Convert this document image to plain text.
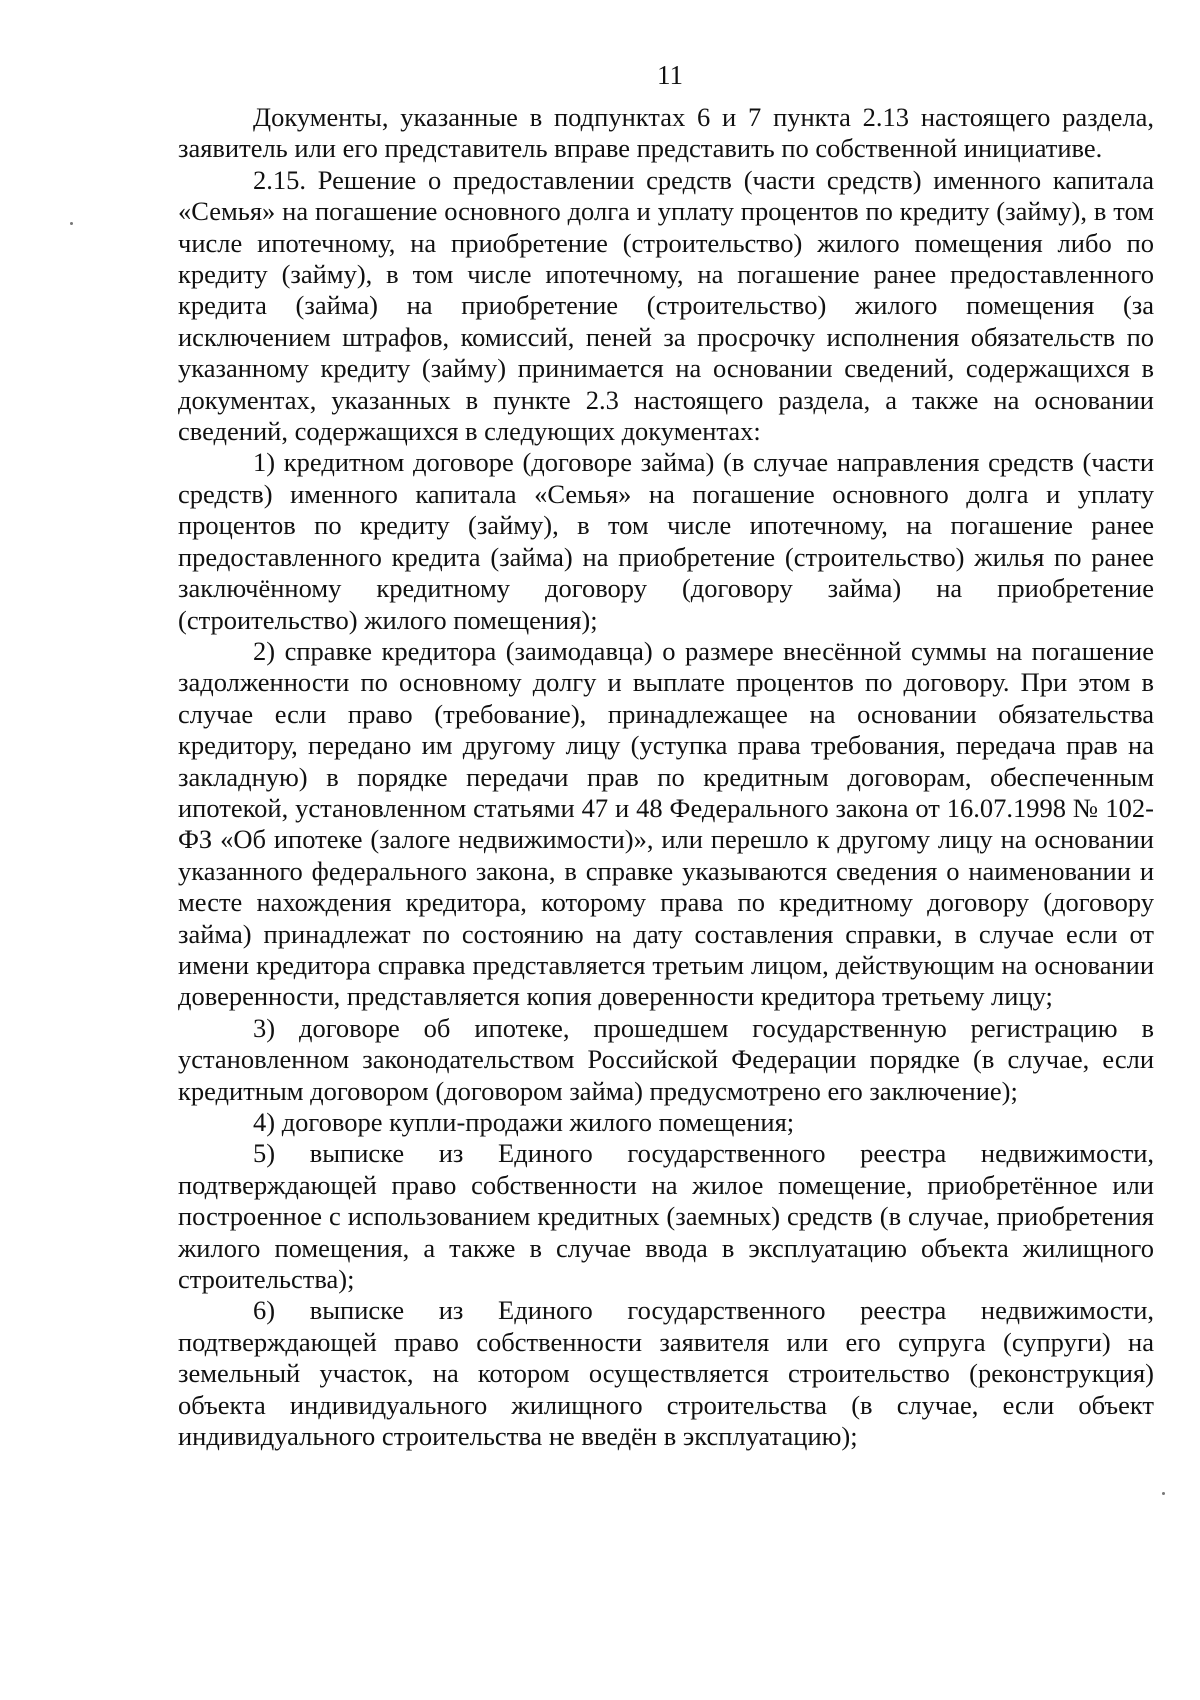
11

Документы, указанные в подпунктах 6 и 7 пункта 2.13 настоящего раздела, заявитель или его представитель вправе представить по собственной инициативе.

2.15. Решение о предоставлении средств (части средств) именного капитала «Семья» на погашение основного долга и уплату процентов по кредиту (займу), в том числе ипотечному, на приобретение (строительство) жилого помещения либо по кредиту (займу), в том числе ипотечному, на погашение ранее предоставленного кредита (займа) на приобретение (строительство) жилого помещения (за исключением штрафов, комиссий, пеней за просрочку исполнения обязательств по указанному кредиту (займу) принимается на основании сведений, содержащихся в документах, указанных в пункте 2.3 настоящего раздела, а также на основании сведений, содержащихся в следующих документах:

1) кредитном договоре (договоре займа) (в случае направления средств (части средств) именного капитала «Семья» на погашение основного долга и уплату процентов по кредиту (займу), в том числе ипотечному, на погашение ранее предоставленного кредита (займа) на приобретение (строительство) жилья по ранее заключённому кредитному договору (договору займа) на приобретение (строительство) жилого помещения);

2) справке кредитора (заимодавца) о размере внесённой суммы на погашение задолженности по основному долгу и выплате процентов по договору. При этом в случае если право (требование), принадлежащее на основании обязательства кредитору, передано им другому лицу (уступка права требования, передача прав на закладную) в порядке передачи прав по кредитным договорам, обеспеченным ипотекой, установленном статьями 47 и 48 Федерального закона от 16.07.1998 № 102-ФЗ «Об ипотеке (залоге недвижимости)», или перешло к другому лицу на основании указанного федерального закона, в справке указываются сведения о наименовании и месте нахождения кредитора, которому права по кредитному договору (договору займа) принадлежат по состоянию на дату составления справки, в случае если от имени кредитора справка представляется третьим лицом, действующим на основании доверенности, представляется копия доверенности кредитора третьему лицу;

3) договоре об ипотеке, прошедшем государственную регистрацию в установленном законодательством Российской Федерации порядке (в случае, если кредитным договором (договором займа) предусмотрено его заключение);

4) договоре купли-продажи жилого помещения;

5) выписке из Единого государственного реестра недвижимости, подтверждающей право собственности на жилое помещение, приобретённое или построенное с использованием кредитных (заемных) средств (в случае, приобретения жилого помещения, а также в случае ввода в эксплуатацию объекта жилищного строительства);

6) выписке из Единого государственного реестра недвижимости, подтверждающей право собственности заявителя или его супруга (супруги) на земельный участок, на котором осуществляется строительство (реконструкция) объекта индивидуального жилищного строительства (в случае, если объект индивидуального строительства не введён в эксплуатацию);
